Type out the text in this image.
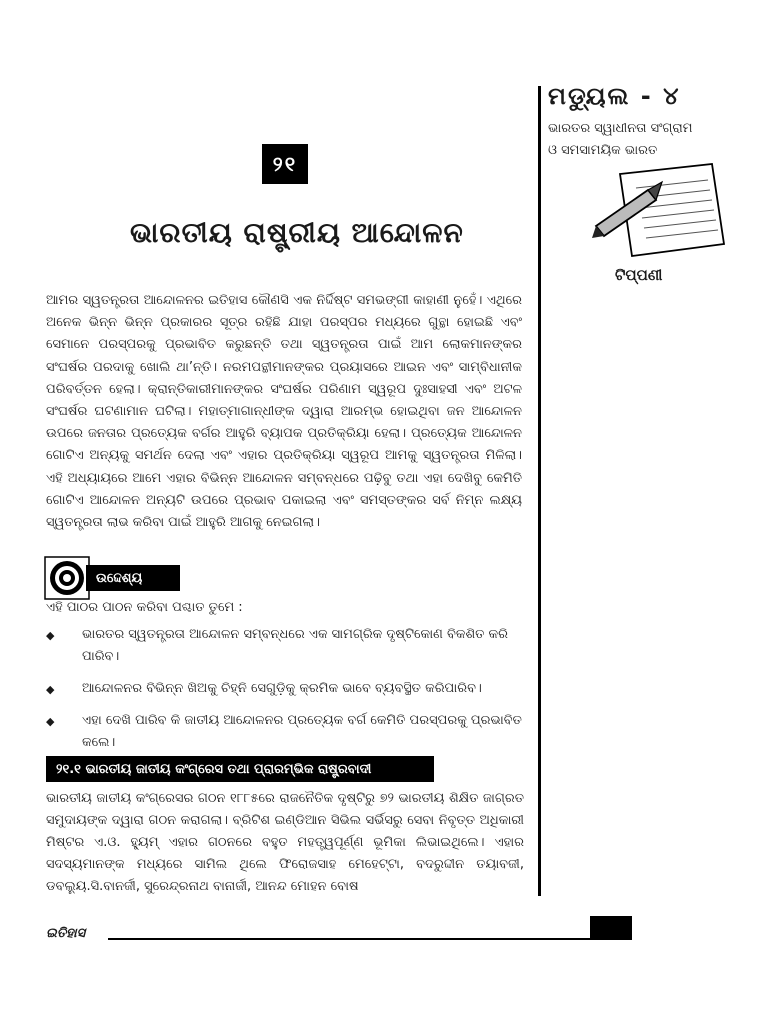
ମଡ୍ୟୁଲ - ୪
ଭାରତର ସ୍ୱାଧୀନତା ସଂଗ୍ରାମ
ଓ ସମସାମୟିକ ଭାରତ
ଟିପ୍ପଣୀ
୨୧
ଭାରତୀୟ ରାଷ୍ଟ୍ରୀୟ ଆନ୍ଦୋଳନ

ଆମର ସ୍ୱତନ୍ତ୍ରତା ଆନ୍ଦୋଳନର ଇତିହାସ କୌଣସି ଏକ ନିର୍ଦ୍ଦିଷ୍ଟ ସମଭଙ୍ଗୀ କାହାଣୀ ନୁହେଁ। ଏଥିରେ ଅନେକ ଭିନ୍ନ ଭିନ୍ନ ପ୍ରକାରର ସୂତ୍ର ରହିଛି ଯାହା ପରସ୍ପର ମଧ୍ୟରେ ଗୁନ୍ଥା ହୋଇଛି ଏବଂ ସେମାନେ ପରସ୍ପରକୁ ପ୍ରଭାବିତ କରୁଛନ୍ତି ତଥା ସ୍ୱତନ୍ତ୍ରତା ପାଇଁ ଆମ ଲୋକମାନଙ୍କର ସଂଘର୍ଷର ପରଦାକୁ ଖୋଲି ଥା’ନ୍ତି। ନରମପନ୍ଥୀମାନଙ୍କର ପ୍ରୟାସରେ ଆଇନ ଏବଂ ସାମ୍ବିଧାନୀକ ପରିବର୍ତ୍ତନ ହେଲା। କ୍ରାନ୍ତିକାରୀମାନଙ୍କର ସଂଘର୍ଷର ପରିଣାମ ସ୍ୱରୂପ ଦୁଃସାହସୀ ଏବଂ ଅଟଳ ସଂଘର୍ଷର ଘଟଣାମାନ ଘଟିଲା। ମହାତ୍ମାଗାନ୍ଧୀଙ୍କ ଦ୍ୱାରା ଆରମ୍ଭ ହୋଇଥିବା ଜନ ଆନ୍ଦୋଳନ ଉପରେ ଜନତାର ପ୍ରତ୍ୟେକ ବର୍ଗର ଆହୁରି ବ୍ୟାପକ ପ୍ରତିକ୍ରିୟା ହେଲା। ପ୍ରତ୍ୟେକ ଆନ୍ଦୋଳନ ଗୋଟିଏ ଅନ୍ୟକୁ ସମର୍ଥନ ଦେଲା ଏବଂ ଏହାର ପ୍ରତିକ୍ରିୟା ସ୍ୱରୂପ ଆମକୁ ସ୍ୱତନ୍ତ୍ରତା ମିଳିଲା। ଏହି ଅଧ୍ୟାୟରେ ଆମେ ଏହାର ବିଭିନ୍ନ ଆନ୍ଦୋଳନ ସମ୍ବନ୍ଧରେ ପଢ଼ିବୁ ତଥା ଏହା ଦେଖିବୁ କେମିତି ଗୋଟିଏ ଆନ୍ଦୋଳନ ଅନ୍ୟଟି ଉପରେ ପ୍ରଭାବ ପକାଇଲା ଏବଂ ସମସ୍ତଙ୍କର ସର୍ବ ନିମ୍ନ ଲକ୍ଷ୍ୟ ସ୍ୱତନ୍ତ୍ରତା ଲାଭ କରିବା ପାଇଁ ଆହୁରି ଆଗକୁ ନେଇଗଲା।

ଉଦ୍ଦେଶ୍ୟ
ଏହି ପାଠର ପାଠନ କରିବା ପଶ୍ଚାତ ତୁମେ :
◆ ଭାରତର ସ୍ୱତନ୍ତ୍ରତା ଆନ୍ଦୋଳନ ସମ୍ବନ୍ଧରେ ଏକ ସାମଗ୍ରିକ ଦୃଷ୍ଟିକୋଣ ବିକଶିତ କରି ପାରିବ।
◆ ଆନ୍ଦୋଳନର ବିଭିନ୍ନ ଖିଅକୁ ଚିହ୍ନି ସେଗୁଡ଼ିକୁ କ୍ରମିକ ଭାବେ ବ୍ୟବସ୍ଥିତ କରିପାରିବ।
◆ ଏହା ଦେଖି ପାରିବ କି ଜାତୀୟ ଆନ୍ଦୋଳନର ପ୍ରତ୍ୟେକ ବର୍ଗ କେମିତି ପରସ୍ପରକୁ ପ୍ରଭାବିତ କଲେ।
୨୧.୧ ଭାରତୀୟ ଜାତୀୟ କଂଗ୍ରେସ ତଥା ପ୍ରାରମ୍ଭିକ ରାଷ୍ଟ୍ରବାଦୀ

ଭାରତୀୟ ଜାତୀୟ କଂଗ୍ରେସର ଗଠନ ୧୮୮୫ରେ ରାଜନୈତିକ ଦୃଷ୍ଟିରୁ ୭୨ ଭାରତୀୟ ଶିକ୍ଷିତ ଜାଗ୍ରତ ସମୁଦାୟଙ୍କ ଦ୍ୱାରା ଗଠନ କରାଗଲା। ବ୍ରିଟିଶ ଇଣ୍ଡିଆନ ସିଭିଲ ସର୍ଭିସରୁ ସେବା ନିବୃତ୍ତ ଅଧିକାରୀ ମିଷ୍ଟର ଏ.ଓ. ହ୍ୟୁମ୍ ଏହାର ଗଠନରେ ବହୁତ ମହତ୍ତ୍ୱପୂର୍ଣ୍ଣ ଭୂମିକା ଲିଭାଇଥିଲେ। ଏହାର ସଦସ୍ୟମାନଙ୍କ ମଧ୍ୟରେ ସାମିଲ ଥିଲେ ଫିରୋଜସାହ ମେହେଟ୍ଟା, ବଦରୁଦ୍ଦୀନ ତୟାବଜୀ, ଡବଲ୍ୟୁ.ସି.ବାନର୍ଜୀ, ସୁରେନ୍ଦ୍ରନାଥ ବାନାର୍ଜୀ, ଆନନ୍ଦ ମୋହନ ବୋଷ

ଇତିହାସ
